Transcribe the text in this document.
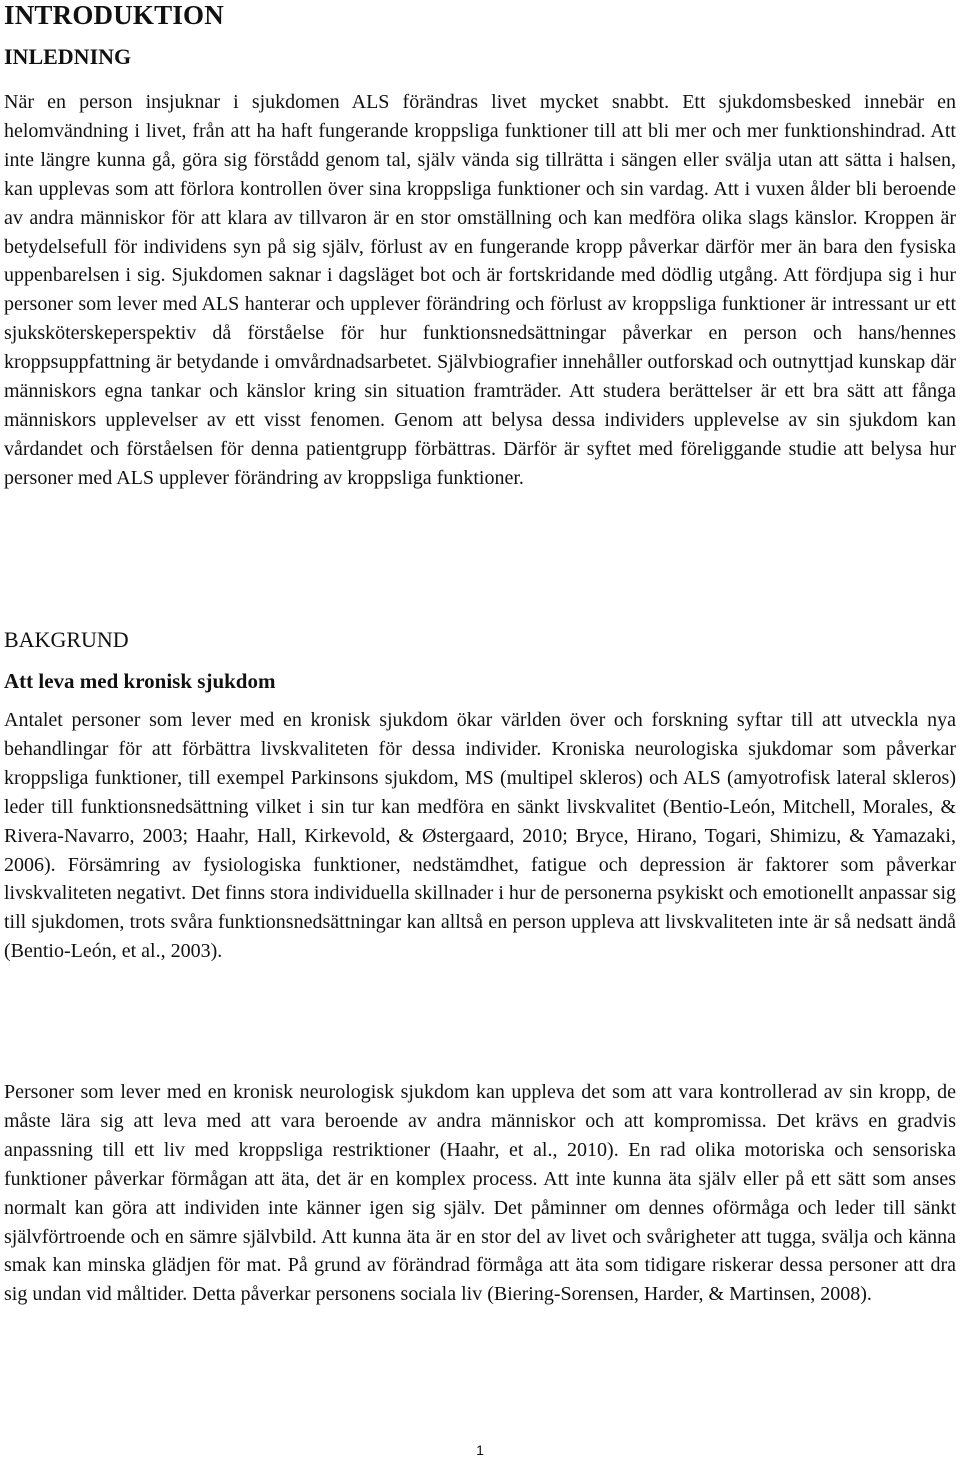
INTRODUKTION
INLEDNING

När en person insjuknar i sjukdomen ALS förändras livet mycket snabbt. Ett sjukdomsbesked innebär en helomvändning i livet, från att ha haft fungerande kroppsliga funktioner till att bli mer och mer funktionshindrad. Att inte längre kunna gå, göra sig förstådd genom tal, själv vända sig tillrätta i sängen eller svälja utan att sätta i halsen, kan upplevas som att förlora kontrollen över sina kroppsliga funktioner och sin vardag. Att i vuxen ålder bli beroende av andra människor för att klara av tillvaron är en stor omställning och kan medföra olika slags känslor. Kroppen är betydelsefull för individens syn på sig själv, förlust av en fungerande kropp påverkar därför mer än bara den fysiska uppenbarelsen i sig. Sjukdomen saknar i dagsläget bot och är fortskridande med dödlig utgång. Att fördjupa sig i hur personer som lever med ALS hanterar och upplever förändring och förlust av kroppsliga funktioner är intressant ur ett sjuksköterskeperspektiv då förståelse för hur funktionsnedsättningar påverkar en person och hans/hennes kroppsuppfattning är betydande i omvårdnadsarbetet. Självbiografier innehåller outforskad och outnyttjad kunskap där människors egna tankar och känslor kring sin situation framträder. Att studera berättelser är ett bra sätt att fånga människors upplevelser av ett visst fenomen. Genom att belysa dessa individers upplevelse av sin sjukdom kan vårdandet och förståelsen för denna patientgrupp förbättras. Därför är syftet med föreliggande studie att belysa hur personer med ALS upplever förändring av kroppsliga funktioner.

BAKGRUND
Att leva med kronisk sjukdom

Antalet personer som lever med en kronisk sjukdom ökar världen över och forskning syftar till att utveckla nya behandlingar för att förbättra livskvaliteten för dessa individer. Kroniska neurologiska sjukdomar som påverkar kroppsliga funktioner, till exempel Parkinsons sjukdom, MS (multipel skleros) och ALS (amyotrofisk lateral skleros) leder till funktionsnedsättning vilket i sin tur kan medföra en sänkt livskvalitet (Bentio-León, Mitchell, Morales, & Rivera-Navarro, 2003; Haahr, Hall, Kirkevold, & Østergaard, 2010; Bryce, Hirano, Togari, Shimizu, & Yamazaki, 2006). Försämring av fysiologiska funktioner, nedstämdhet, fatigue och depression är faktorer som påverkar livskvaliteten negativt. Det finns stora individuella skillnader i hur de personerna psykiskt och emotionellt anpassar sig till sjukdomen, trots svåra funktionsnedsättningar kan alltså en person uppleva att livskvaliteten inte är så nedsatt ändå (Bentio-León, et al., 2003).

Personer som lever med en kronisk neurologisk sjukdom kan uppleva det som att vara kontrollerad av sin kropp, de måste lära sig att leva med att vara beroende av andra människor och att kompromissa. Det krävs en gradvis anpassning till ett liv med kroppsliga restriktioner (Haahr, et al., 2010). En rad olika motoriska och sensoriska funktioner påverkar förmågan att äta, det är en komplex process. Att inte kunna äta själv eller på ett sätt som anses normalt kan göra att individen inte känner igen sig själv. Det påminner om dennes oförmåga och leder till sänkt självförtroende och en sämre självbild. Att kunna äta är en stor del av livet och svårigheter att tugga, svälja och känna smak kan minska glädjen för mat. På grund av förändrad förmåga att äta som tidigare riskerar dessa personer att dra sig undan vid måltider. Detta påverkar personens sociala liv (Biering-Sorensen, Harder, & Martinsen, 2008).

1
